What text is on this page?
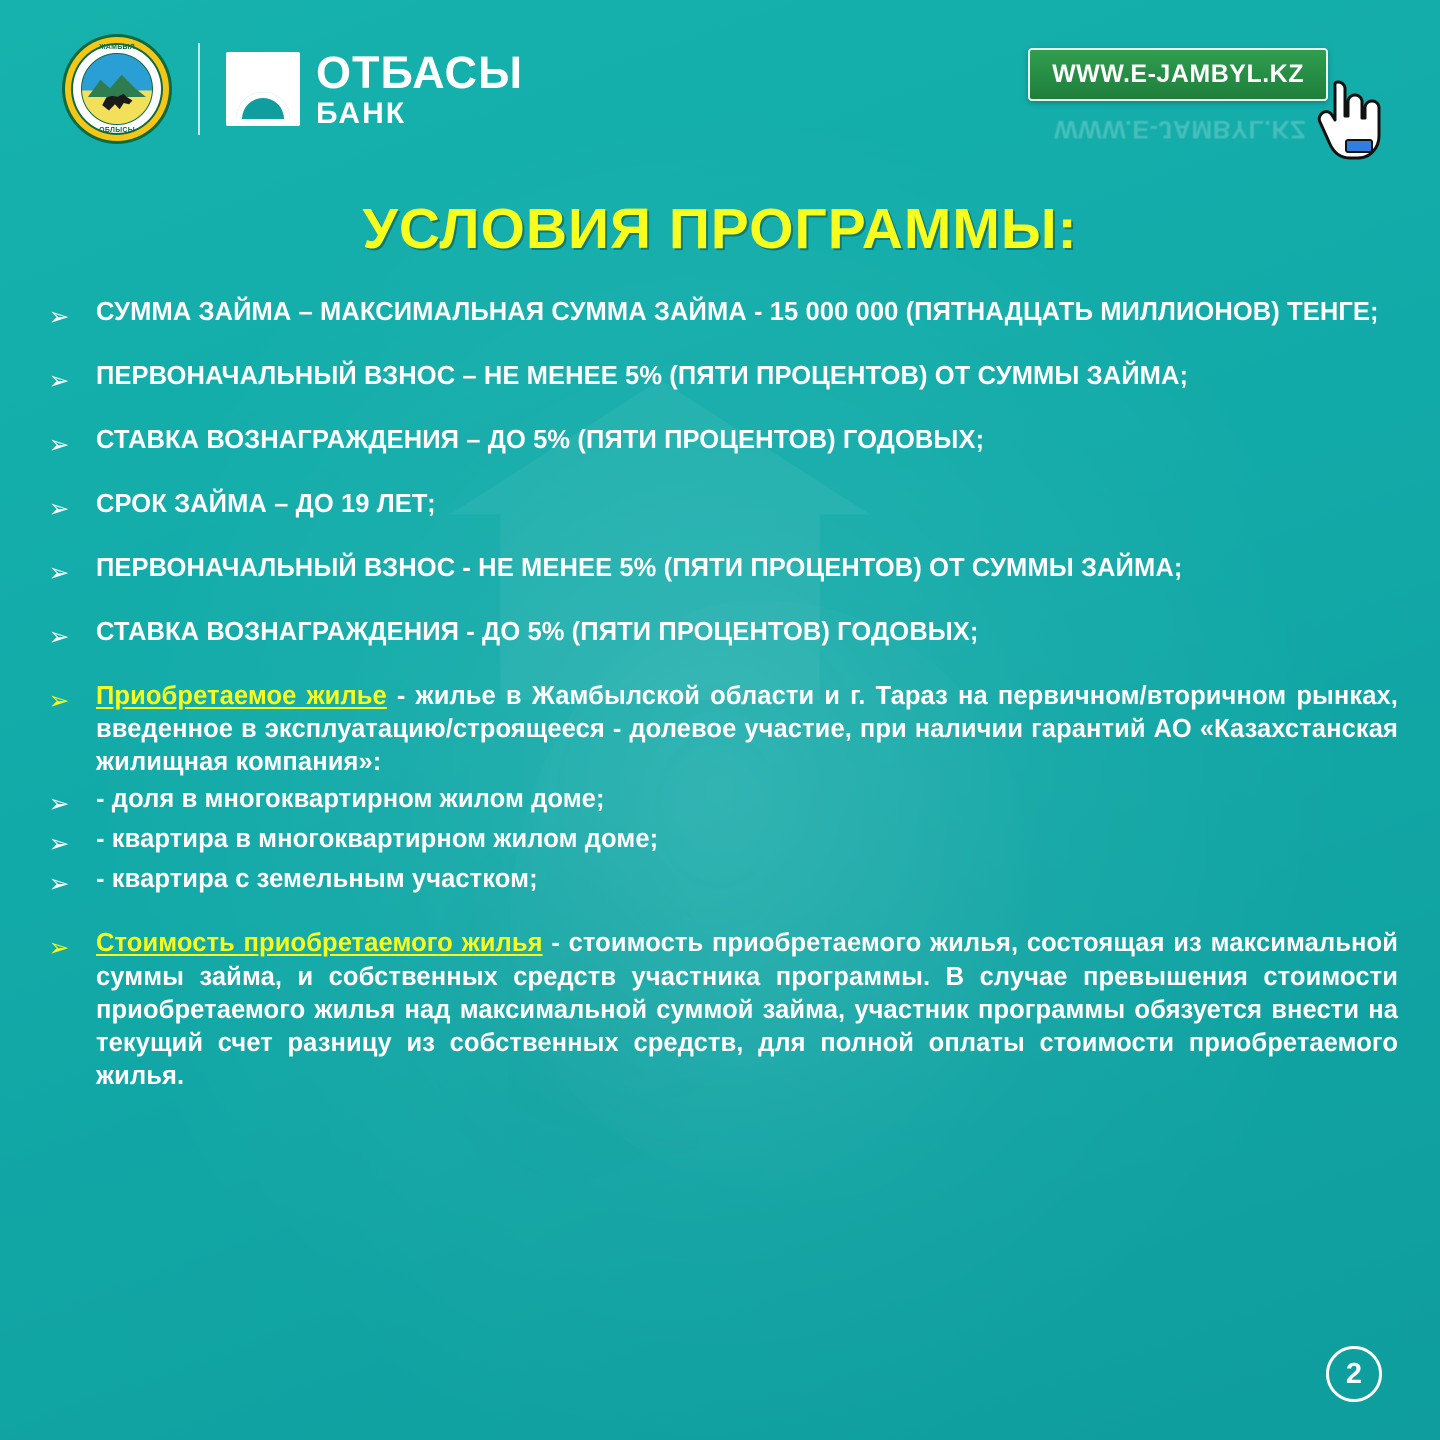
ЖАМБЫЛ
ОБЛЫСЫ
ОТБАСЫ
БАНК
WWW.E-JAMBYL.KZ
WWW.E-JAMBYL.KZ
УСЛОВИЯ ПРОГРАММЫ:
➢	СУММА ЗАЙМА – МАКСИМАЛЬНАЯ СУММА ЗАЙМА - 15 000 000 (ПЯТНАДЦАТЬ МИЛЛИОНОВ) ТЕНГЕ;
➢	ПЕРВОНАЧАЛЬНЫЙ ВЗНОС – НЕ МЕНЕЕ 5% (ПЯТИ ПРОЦЕНТОВ) ОТ СУММЫ ЗАЙМА;
➢	СТАВКА ВОЗНАГРАЖДЕНИЯ – ДО 5% (ПЯТИ ПРОЦЕНТОВ) ГОДОВЫХ;
➢	СРОК ЗАЙМА – ДО 19 ЛЕТ;
➢	ПЕРВОНАЧАЛЬНЫЙ ВЗНОС - НЕ МЕНЕЕ 5% (ПЯТИ ПРОЦЕНТОВ) ОТ СУММЫ ЗАЙМА;
➢	СТАВКА ВОЗНАГРАЖДЕНИЯ - ДО 5% (ПЯТИ ПРОЦЕНТОВ) ГОДОВЫХ;
➢	Приобретаемое жилье - жилье в Жамбылской области и г. Тараз на первичном/вторичном рынках, введенное в эксплуатацию/строящееся - долевое участие, при наличии гарантий АО «Казахстанская жилищная компания»:
➢	- доля в многоквартирном жилом доме;
➢	- квартира в многоквартирном жилом доме;
➢	- квартира с земельным участком;
➢	Стоимость приобретаемого жилья - стоимость приобретаемого жилья, состоящая из максимальной суммы займа, и собственных средств участника программы. В случае превышения стоимости приобретаемого жилья над максимальной суммой займа, участник программы обязуется внести на текущий счет разницу из собственных средств, для полной оплаты стоимости приобретаемого жилья.
2
